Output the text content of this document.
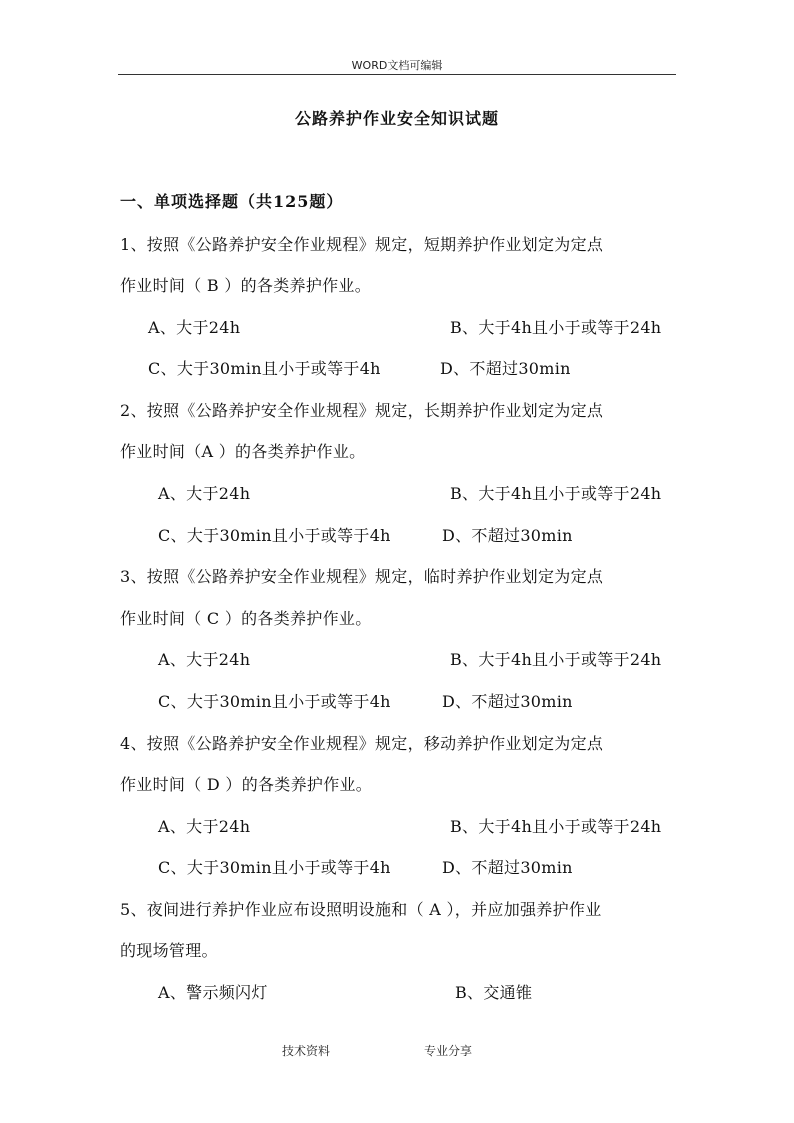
WORD文档可编辑
公路养护作业安全知识试题
一、单项选择题（共125题）
1、按照《公路养护安全作业规程》规定，短期养护作业划定为定点
作业时间（ B ）的各类养护作业。
A、大于24h	B、大于4h且小于或等于24h
C、大于30min且小于或等于4h	D、不超过30min
2、按照《公路养护安全作业规程》规定，长期养护作业划定为定点
作业时间（A ）的各类养护作业。
A、大于24h	B、大于4h且小于或等于24h
C、大于30min且小于或等于4h	D、不超过30min
3、按照《公路养护安全作业规程》规定，临时养护作业划定为定点
作业时间（ C ）的各类养护作业。
A、大于24h	B、大于4h且小于或等于24h
C、大于30min且小于或等于4h	D、不超过30min
4、按照《公路养护安全作业规程》规定，移动养护作业划定为定点
作业时间（ D ）的各类养护作业。
A、大于24h	B、大于4h且小于或等于24h
C、大于30min且小于或等于4h	D、不超过30min
5、夜间进行养护作业应布设照明设施和（ A ），并应加强养护作业
的现场管理。
A、警示频闪灯	B、交通锥
技术资料	专业分享
